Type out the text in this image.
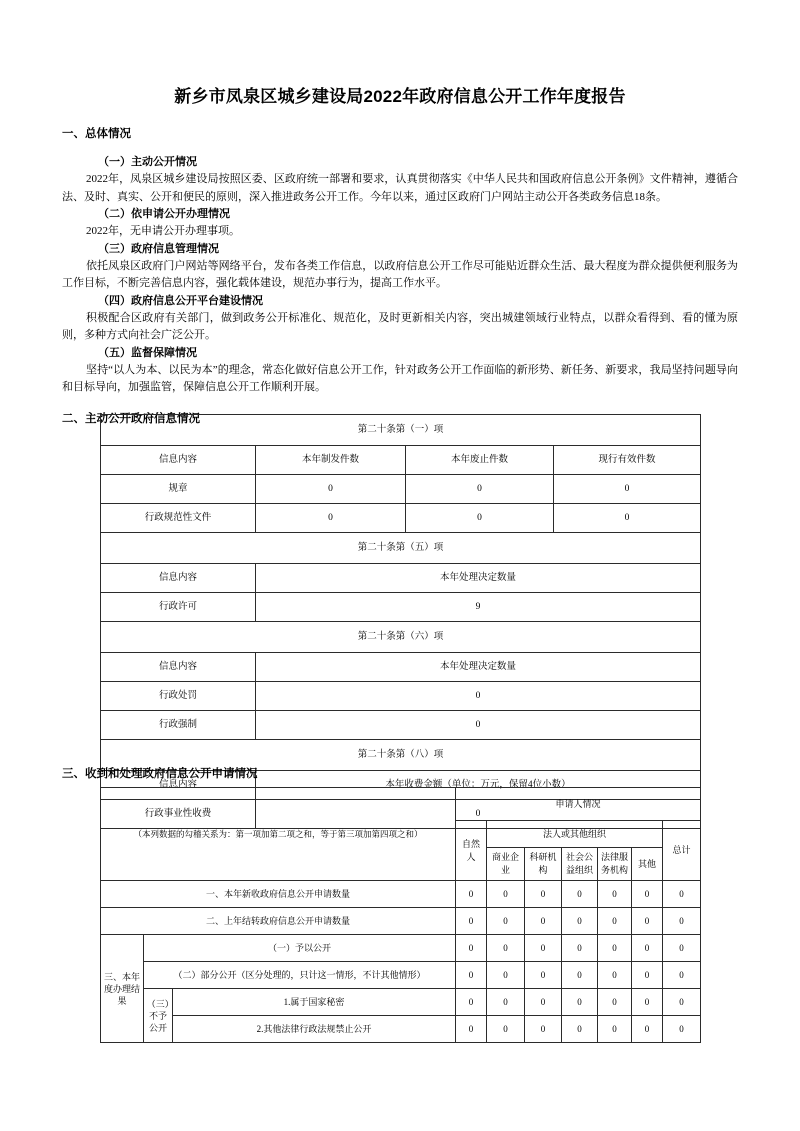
新乡市凤泉区城乡建设局2022年政府信息公开工作年度报告
一、总体情况
（一）主动公开情况

2022年，凤泉区城乡建设局按照区委、区政府统一部署和要求，认真贯彻落实《中华人民共和国政府信息公开条例》文件精神，遵循合法、及时、真实、公开和便民的原则，深入推进政务公开工作。今年以来，通过区政府门户网站主动公开各类政务信息18条。

（二）依申请公开办理情况

2022年，无申请公开办理事项。

（三）政府信息管理情况

依托凤泉区政府门户网站等网络平台，发布各类工作信息，以政府信息公开工作尽可能贴近群众生活、最大程度为群众提供便利服务为工作目标，不断完善信息内容，强化载体建设，规范办事行为，提高工作水平。

（四）政府信息公开平台建设情况

积极配合区政府有关部门，做到政务公开标准化、规范化，及时更新相关内容，突出城建领域行业特点，以群众看得到、看的懂为原则，多种方式向社会广泛公开。

（五）监督保障情况

坚持“以人为本、以民为本”的理念，常态化做好信息公开工作，针对政务公开工作面临的新形势、新任务、新要求，我局坚持问题导向和目标导向，加强监管，保障信息公开工作顺利开展。

二、主动公开政府信息情况
第二十条第（一）项			
信息内容	本年制发件数	本年废止件数	现行有效件数
规章	0	0	0
行政规范性文件	0	0	0
第二十条第（五）项			
信息内容	本年处理决定数量		
行政许可	9		
第二十条第（六）项			
信息内容	本年处理决定数量		
行政处罚	0		
行政强制	0		
第二十条第（八）项			
信息内容	本年收费金额（单位：万元，保留4位小数）		
行政事业性收费	0		
三、收到和处理政府信息公开申请情况
（本列数据的勾稽关系为：第一项加第二项之和，等于第三项加第四项之和）			申请人情况						
			自然人	法人或其他组织					总计
				商业企业	科研机构	社会公益组织	法律服务机构	其他	
一、本年新收政府信息公开申请数量			0	0	0	0	0	0	0
二、上年结转政府信息公开申请数量			0	0	0	0	0	0	0
三、本年度办理结果	（一）予以公开		0	0	0	0	0	0	0
	（二）部分公开（区分处理的，只计这一情形，不计其他情形）		0	0	0	0	0	0	0
	（三）不予公开	1.属于国家秘密	0	0	0	0	0	0	0
		2.其他法律行政法规禁止公开	0	0	0	0	0	0	0
